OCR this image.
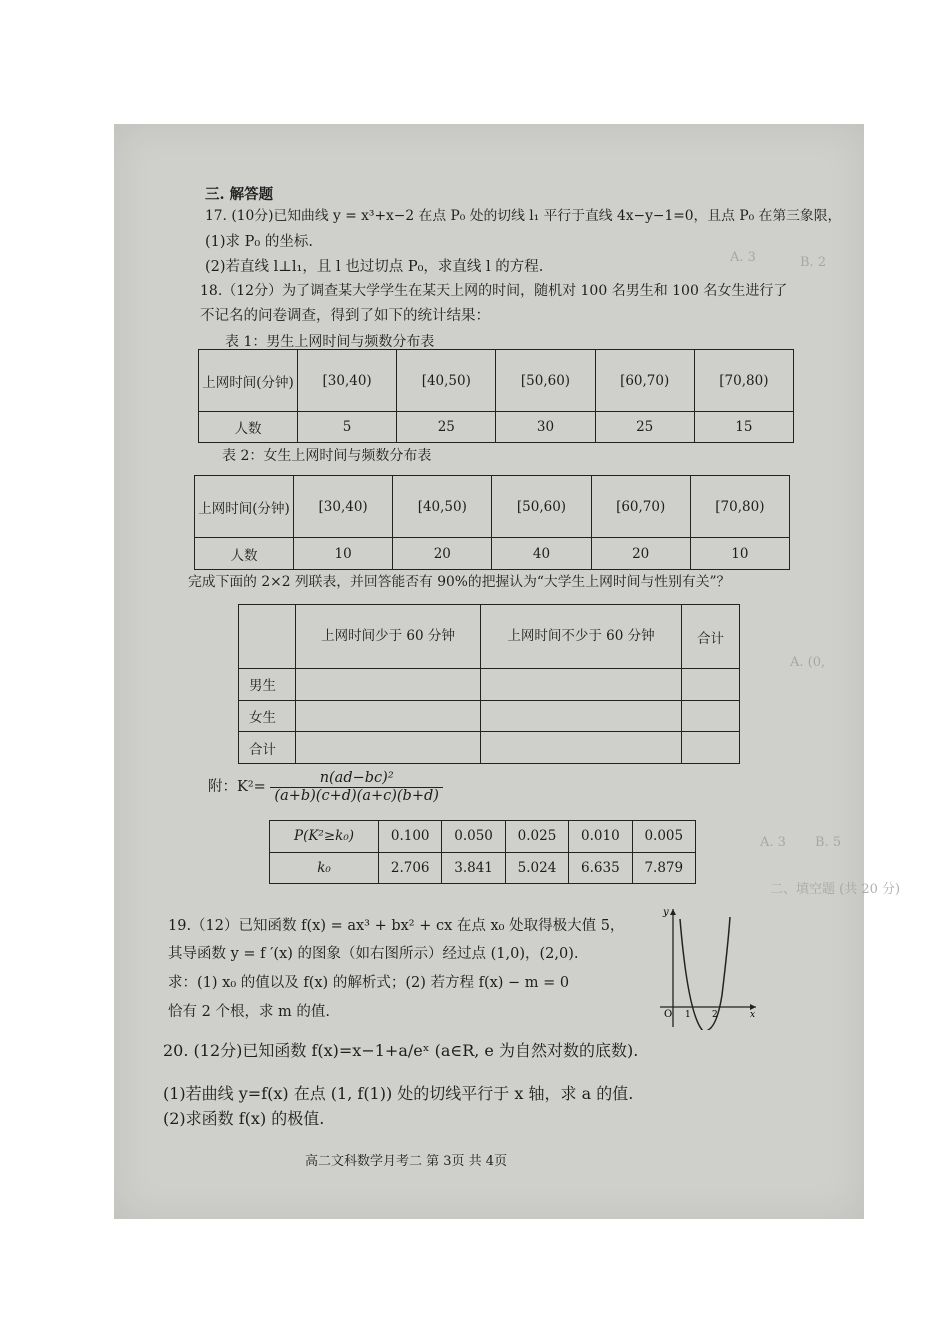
A. 3	B. 2
A. (0,
A. 3 B. 5
二、填空题 (共 20 分)
三. 解答题
17. (10分)已知曲线 y = x³+x−2 在点 P₀ 处的切线 l₁ 平行于直线 4x−y−1=0，且点 P₀ 在第三象限，
(1)求 P₀ 的坐标.
(2)若直线 l⊥l₁，且 l 也过切点 P₀，求直线 l 的方程.
18.（12分）为了调查某大学学生在某天上网的时间，随机对 100 名男生和 100 名女生进行了
不记名的问卷调查，得到了如下的统计结果：
表 1：男生上网时间与频数分布表
上网时间(分钟)	[30,40)	[40,50)	[50,60)	[60,70)	[70,80)
人数	5	25	30	25	15
表 2：女生上网时间与频数分布表
上网时间(分钟)	[30,40)	[40,50)	[50,60)	[60,70)	[70,80)
人数	10	20	40	20	10
完成下面的 2×2 列联表，并回答能否有 90%的把握认为“大学生上网时间与性别有关”？
	上网时间少于 60 分钟	上网时间不少于 60 分钟	合计
男生			
女生			
合计			
附：$K^2= \frac{\text{n(ad−bc)²}}{(a+b)(c+d)(a+c)(b+d)}$
P(K²≥k₀)	0.100	0.050	0.025	0.010	0.005
k₀	2.706	3.841	5.024	6.635	7.879
19.（12）已知函数 f(x) = ax³ + bx² + cx 在点 x₀ 处取得极大值 5，
其导函数 y = f ′(x) 的图象（如右图所示）经过点 (1,0)，(2,0).
求：(1) x₀ 的值以及 f(x) 的解析式；(2) 若方程 f(x) − m = 0
恰有 2 个根，求 m 的值.
y
O 1 2	x
20. (12分)已知函数 f(x)=x−1+a/eˣ (a∈R, e 为自然对数的底数).
(1)若曲线 y=f(x) 在点 (1, f(1)) 处的切线平行于 x 轴，求 a 的值.
(2)求函数 f(x) 的极值.
高二文科数学月考二 第 3页 共 4页
